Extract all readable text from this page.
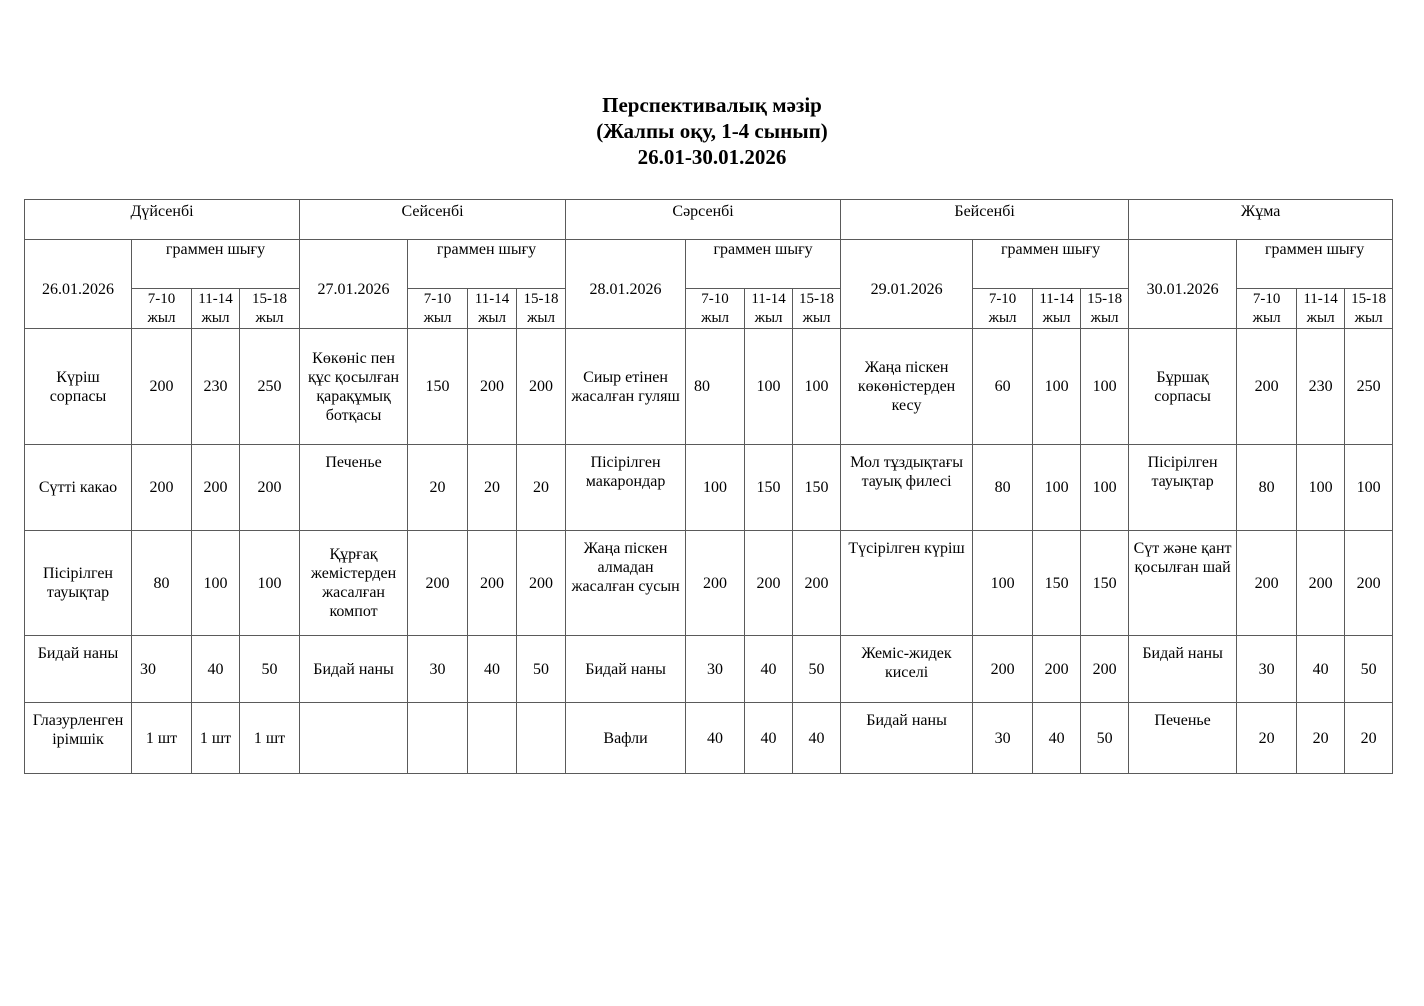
Перспективалық мәзір
(Жалпы оқу, 1-4 сынып)
26.01-30.01.2026
Дүйсенбі				Сейсенбі				Сәрсенбі				Бейсенбі				Жұма			
26.01.2026	граммен шығу			27.01.2026	граммен шығу			28.01.2026	граммен шығу			29.01.2026	граммен шығу			30.01.2026	граммен шығу		
	7-10 жыл	11-14 жыл	15-18 жыл		7-10 жыл	11-14 жыл	15-18 жыл		7-10 жыл	11-14 жыл	15-18 жыл		7-10 жыл	11-14 жыл	15-18 жыл		7-10 жыл	11-14 жыл	15-18 жыл
Күріш сорпасы	200	230	250	Көкөніс пен құс қосылған қарақұмық ботқасы	150	200	200	Сиыр етінен жасалған гуляш	80	100	100	Жаңа піскен көкөністерден кесу	60	100	100	Бұршақ сорпасы	200	230	250
Сүтті какао	200	200	200	Печенье	20	20	20	Пісірілген макарондар	100	150	150	Мол тұздықтағы тауық филесі	80	100	100	Пісірілген тауықтар	80	100	100
Пісірілген тауықтар	80	100	100	Құрғақ жемістерден жасалған компот	200	200	200	Жаңа піскен алмадан жасалған сусын	200	200	200	Түсірілген күріш	100	150	150	Сүт және қант қосылған шай	200	200	200
Бидай наны	30	40	50	Бидай наны	30	40	50	Бидай наны	30	40	50	Жеміс-жидек киселі	200	200	200	Бидай наны	30	40	50
Глазурленген ірімшік	1 шт	1 шт	1 шт					Вафли	40	40	40	Бидай наны	30	40	50	Печенье	20	20	20
